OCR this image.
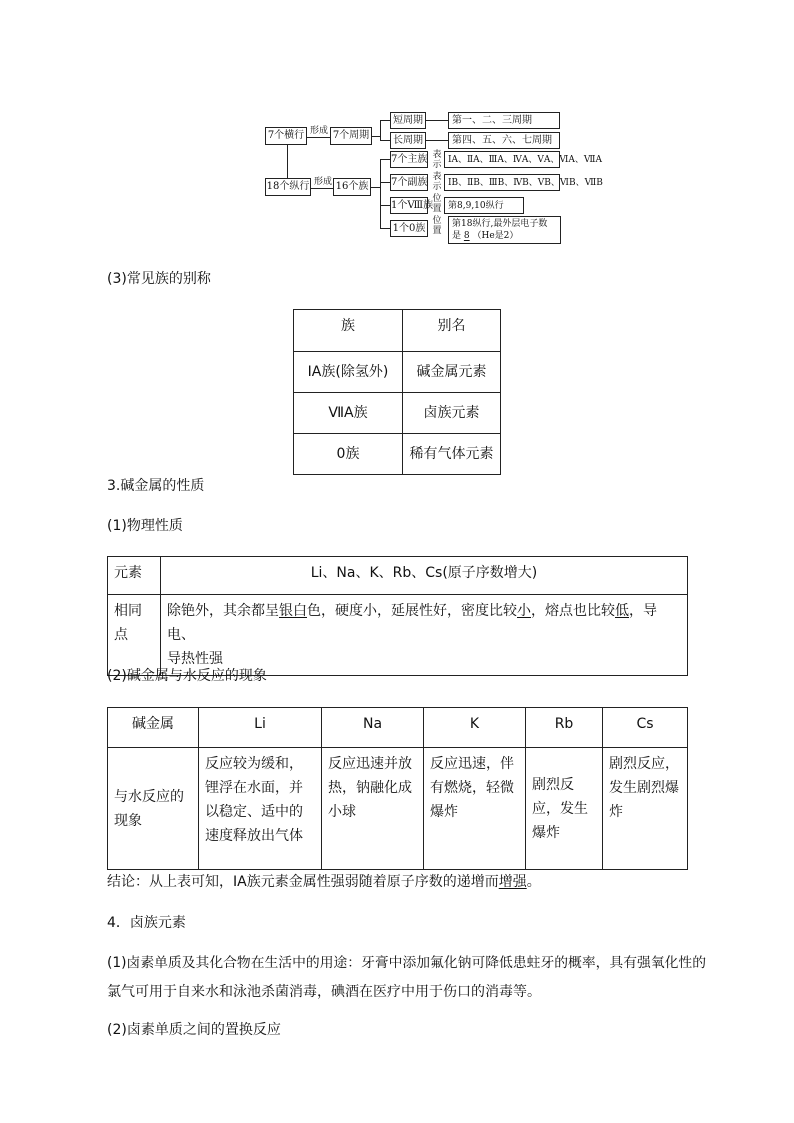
7个横行
18个纵行
形成
形成
7个周期
16个族
短周期
长周期
第一、二、三周期
第四、五、六、七周期
7个主族
7个副族
1个Ⅷ族
1个0族
表示
表示
位置
位置
ⅠA、ⅡA、ⅢA、ⅣA、ⅤA、ⅥA、ⅦA
ⅠB、ⅡB、ⅢB、ⅣB、ⅤB、ⅥB、ⅦB
第8,9,10纵行
第18纵行,最外层电子数
是 8 （He是2）
(3)常见族的别称
族	别名
ⅠA族(除氢外)	碱金属元素
ⅦA族	卤族元素
0族	稀有气体元素
3.碱金属的性质
(1)物理性质
元素	Li、Na、K、Rb、Cs(原子序数增大)
相同点	除铯外，其余都呈银白色，硬度小，延展性好，密度比较小，熔点也比较低，导电、
导热性强
(2)碱金属与水反应的现象
碱金属	Li	Na	K	Rb	Cs
与水反应的现象	反应较为缓和，锂浮在水面，并以稳定、适中的速度释放出气体	反应迅速并放热，钠融化成小球	反应迅速，伴有燃烧，轻微爆炸	剧烈反应，发生爆炸	剧烈反应，发生剧烈爆炸
结论：从上表可知，ⅠA族元素金属性强弱随着原子序数的递增而增强。
4．卤族元素
(1)卤素单质及其化合物在生活中的用途：牙膏中添加氟化钠可降低患蛀牙的概率，具有强氧化性的
氯气可用于自来水和泳池杀菌消毒，碘酒在医疗中用于伤口的消毒等。
(2)卤素单质之间的置换反应
